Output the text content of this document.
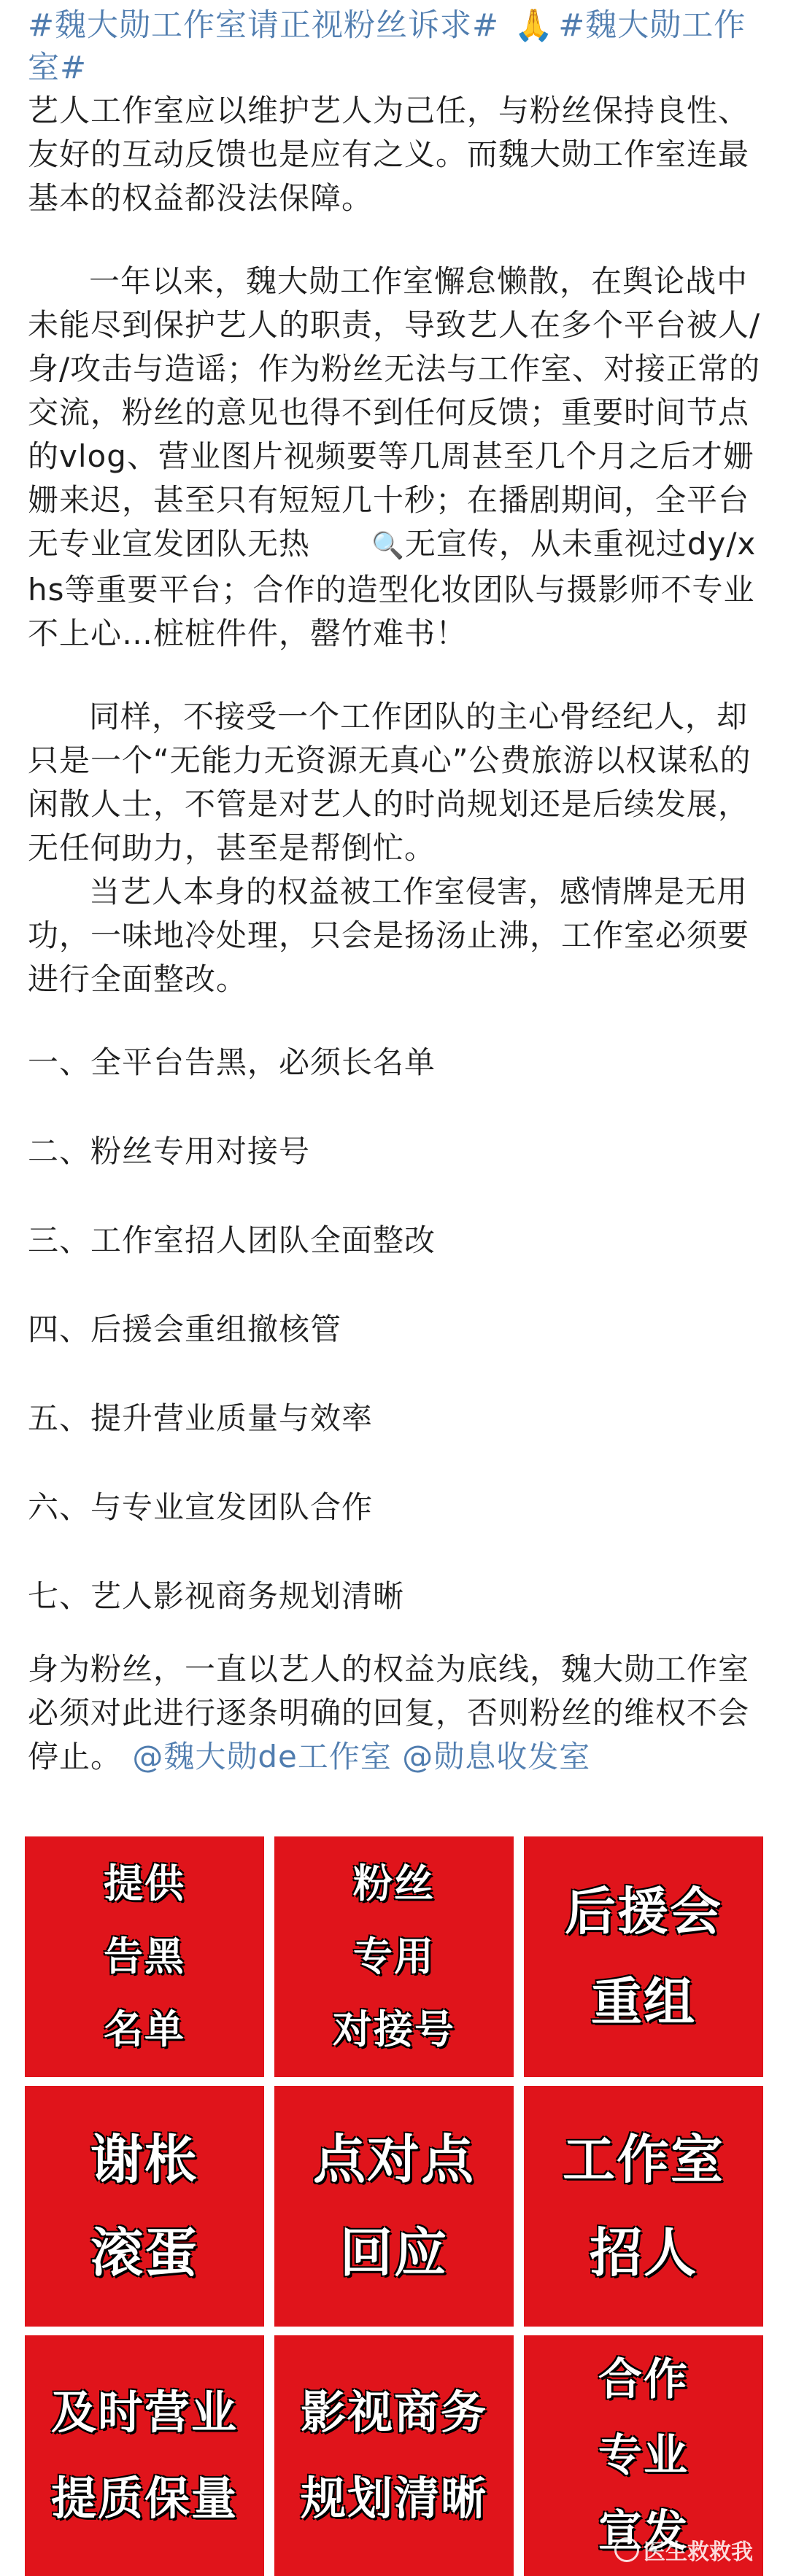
#魏大勋工作室请正视粉丝诉求# 🙏 #魏大勋工作室#

艺人工作室应以维护艺人为己任，与粉丝保持良性、友好的互动反馈也是应有之义。而魏大勋工作室连最基本的权益都没法保障。

一年以来，魏大勋工作室懈怠懒散，在舆论战中未能尽到保护艺人的职责，导致艺人在多个平台被人/身/攻击与造谣；作为粉丝无法与工作室、对接正常的交流，粉丝的意见也得不到任何反馈；重要时间节点的vlog、营业图片视频要等几周甚至几个月之后才姗姗来迟，甚至只有短短几十秒；在播剧期间，全平台无专业宣发团队无热 🔍无宣传，从未重视过dy/xhs等重要平台；合作的造型化妆团队与摄影师不专业不上心…桩桩件件，罄竹难书！

同样，不接受一个工作团队的主心骨经纪人，却只是一个“无能力无资源无真心”公费旅游以权谋私的闲散人士，不管是对艺人的时尚规划还是后续发展，无任何助力，甚至是帮倒忙。

当艺人本身的权益被工作室侵害，感情牌是无用功，一味地冷处理，只会是扬汤止沸，工作室必须要进行全面整改。

一、全平台告黑，必须长名单

二、粉丝专用对接号

三、工作室招人团队全面整改

四、后援会重组撤核管

五、提升营业质量与效率

六、与专业宣发团队合作

七、艺人影视商务规划清晰

身为粉丝，一直以艺人的权益为底线，魏大勋工作室必须对此进行逐条明确的回复，否则粉丝的维权不会停止。 @魏大勋de工作室 @勋息收发室

提供
告黑
名单
粉丝
专用
对接号
后援会
重组
谢枨
滚蛋
点对点
回应
工作室
招人
及时营业
提质保量
影视商务
规划清晰
合作
专业
宣发
医生救救我
